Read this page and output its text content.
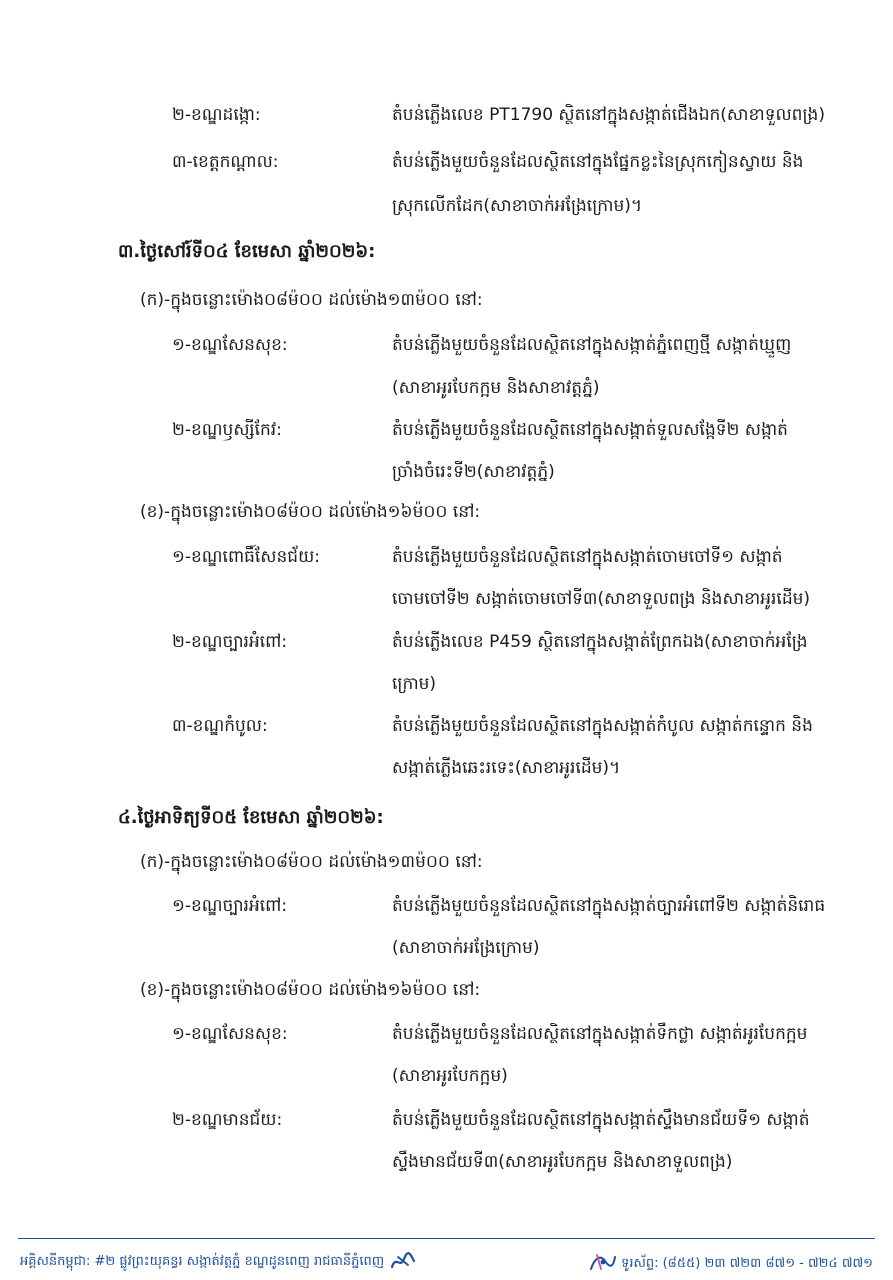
២-ខណ្ឌដង្កោ:	តំបន់ភ្លើងលេខ PT1790 ស្ថិតនៅក្នុងសង្កាត់ជើងឯក(សាខាទួលពង្រ)
៣-ខេត្តកណ្ដាល:	តំបន់ភ្លើងមួយចំនួនដែលស្ថិតនៅក្នុងផ្នែកខ្លះនៃស្រុកកៀនស្វាយ និង
ស្រុកលើកដែក(សាខាចាក់អង្រែក្រោម)។
៣.ថ្ងៃសៅរ៍ទី០៤ ខែមេសា ឆ្នាំ២០២៦:
(ក)-ក្នុងចន្លោះម៉ោង០៨ម៉០០ ដល់ម៉ោង១៣ម៉០០ នៅ:
១-ខណ្ឌសែនសុខ:	តំបន់ភ្លើងមួយចំនួនដែលស្ថិតនៅក្នុងសង្កាត់ភ្នំពេញថ្មី សង្កាត់ឃ្មួញ
(សាខាអូរបែកក្អម និងសាខាវត្តភ្នំ)
២-ខណ្ឌឫស្សីកែវ:	តំបន់ភ្លើងមួយចំនួនដែលស្ថិតនៅក្នុងសង្កាត់ទួលសង្កែទី២ សង្កាត់
ច្រាំងចំរេះទី២(សាខាវត្តភ្នំ)
(ខ)-ក្នុងចន្លោះម៉ោង០៨ម៉០០ ដល់ម៉ោង១៦ម៉០០ នៅ:
១-ខណ្ឌពោធិ៍សែនជ័យ:	តំបន់ភ្លើងមួយចំនួនដែលស្ថិតនៅក្នុងសង្កាត់ចោមចៅទី១ សង្កាត់
ចោមចៅទី២ សង្កាត់ចោមចៅទី៣(សាខាទួលពង្រ និងសាខាអូរដើម)
២-ខណ្ឌច្បារអំពៅ:	តំបន់ភ្លើងលេខ P459 ស្ថិតនៅក្នុងសង្កាត់ព្រែកឯង(សាខាចាក់អង្រែ
ក្រោម)
៣-ខណ្ឌកំបូល:	តំបន់ភ្លើងមួយចំនួនដែលស្ថិតនៅក្នុងសង្កាត់កំបូល សង្កាត់កន្ទោក និង
សង្កាត់ភ្លើងឆេះរទេះ(សាខាអូរដើម)។
៤.ថ្ងៃអាទិត្យទី០៥ ខែមេសា ឆ្នាំ២០២៦:
(ក)-ក្នុងចន្លោះម៉ោង០៨ម៉០០ ដល់ម៉ោង១៣ម៉០០ នៅ:
១-ខណ្ឌច្បារអំពៅ:	តំបន់ភ្លើងមួយចំនួនដែលស្ថិតនៅក្នុងសង្កាត់ច្បារអំពៅទី២ សង្កាត់និរោធ
(សាខាចាក់អង្រែក្រោម)
(ខ)-ក្នុងចន្លោះម៉ោង០៨ម៉០០ ដល់ម៉ោង១៦ម៉០០ នៅ:
១-ខណ្ឌសែនសុខ:	តំបន់ភ្លើងមួយចំនួនដែលស្ថិតនៅក្នុងសង្កាត់ទឹកថ្លា សង្កាត់អូរបែកក្អម
(សាខាអូរបែកក្អម)
២-ខណ្ឌមានជ័យ:	តំបន់ភ្លើងមួយចំនួនដែលស្ថិតនៅក្នុងសង្កាត់ស្ទឹងមានជ័យទី១ សង្កាត់
ស្ទឹងមានជ័យទី៣(សាខាអូរបែកក្អម និងសាខាទួលពង្រ)
អគ្គិសនីកម្ពុជា: #២ ផ្លូវព្រះយុគន្ធរ សង្កាត់វត្តភ្នំ ខណ្ឌដូនពេញ រាជធានីភ្នំពេញ	ទូរស័ព្ទ: (៨៥៥) ២៣ ៧២៣ ៨៧១ - ៧២៤ ៧៧១
